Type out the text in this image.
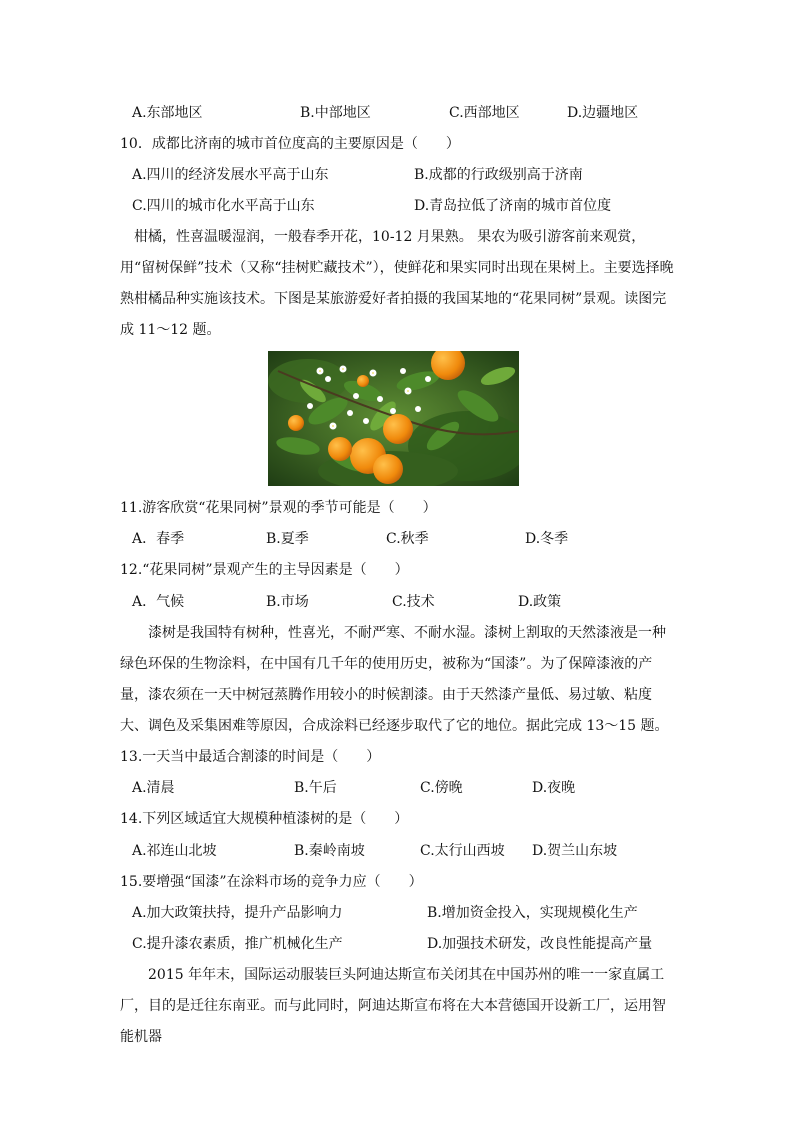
A.东部地区	B.中部地区	C.西部地区	D.边疆地区
10．成都比济南的城市首位度高的主要原因是（　　）
A.四川的经济发展水平高于山东	B.成都的行政级别高于济南
C.四川的城市化水平高于山东	D.青岛拉低了济南的城市首位度
柑橘，性喜温暖湿润，一般春季开花，10-12 月果熟。 果农为吸引游客前来观赏，用“留树保鲜”技术（又称“挂树贮藏技术”），使鲜花和果实同时出现在果树上。主要选择晚熟柑橘品种实施该技术。下图是某旅游爱好者拍摄的我国某地的“花果同树”景观。读图完成 11～12 题。
11.游客欣赏“花果同树”景观的季节可能是（　　）
A．春季	B.夏季	C.秋季	D.冬季
12.“花果同树”景观产生的主导因素是（　　）
A．气候	B.市场	C.技术	D.政策
漆树是我国特有树种，性喜光，不耐严寒、不耐水湿。漆树上割取的天然漆液是一种绿色环保的生物涂料，在中国有几千年的使用历史，被称为“国漆”。为了保障漆液的产量，漆农须在一天中树冠蒸腾作用较小的时候割漆。由于天然漆产量低、易过敏、粘度大、调色及采集困难等原因，合成涂料已经逐步取代了它的地位。据此完成 13～15 题。
13.一天当中最适合割漆的时间是（　　）
A.清晨	B.午后	C.傍晚	D.夜晚
14.下列区域适宜大规模种植漆树的是（　　）
A.祁连山北坡	B.秦岭南坡	C.太行山西坡 D.贺兰山东坡
15.要增强“国漆”在涂料市场的竞争力应（　　）
A.加大政策扶持，提升产品影响力	B.增加资金投入，实现规模化生产
C.提升漆农素质，推广机械化生产	D.加强技术研发，改良性能提高产量
2015 年年末，国际运动服装巨头阿迪达斯宣布关闭其在中国苏州的唯一一家直属工厂，目的是迁往东南亚。而与此同时，阿迪达斯宣布将在大本营德国开设新工厂，运用智能机器
